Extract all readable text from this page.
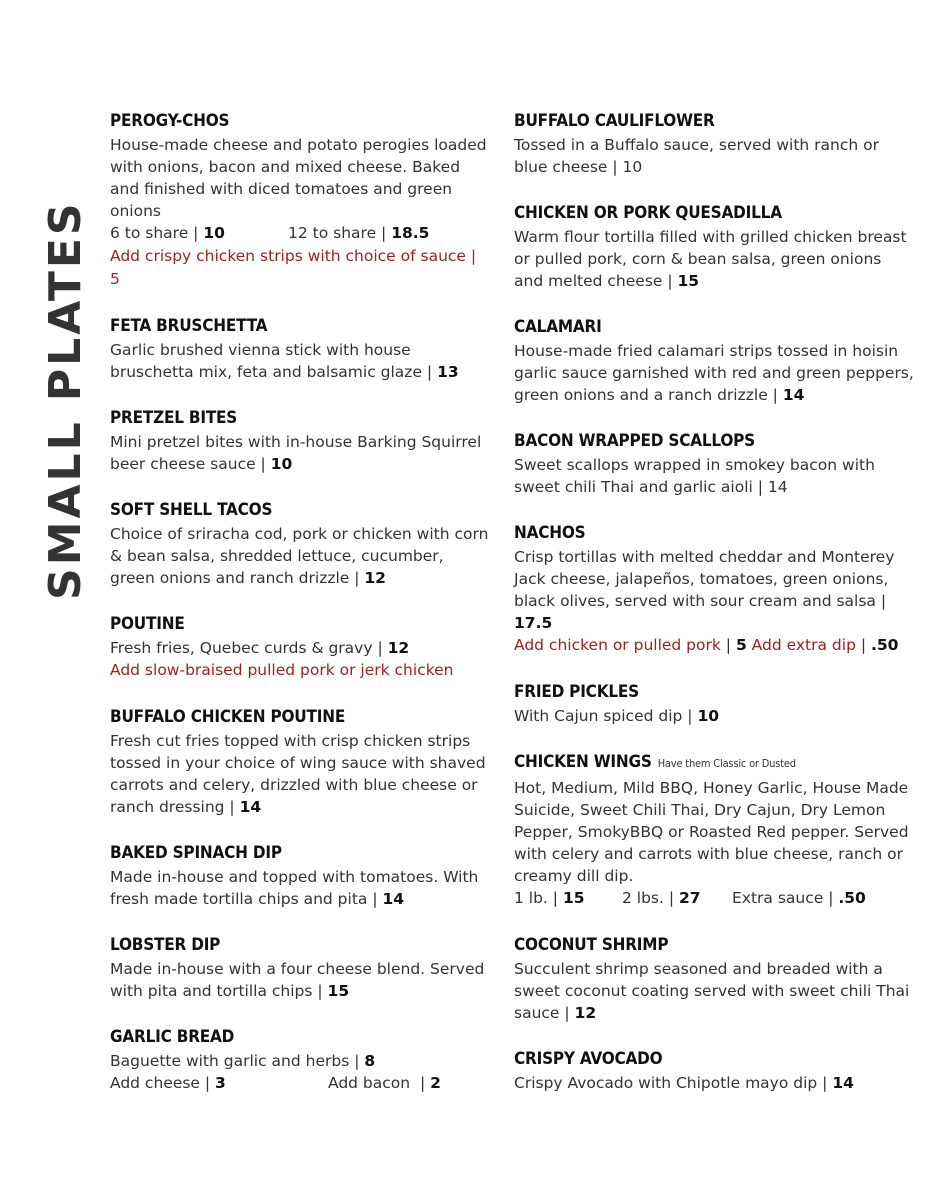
SMALL PLATES
PEROGY-CHOS
House-made cheese and potato perogies loaded with onions, bacon and mixed cheese. Baked and finished with diced tomatoes and green onions
6 to share | 10	12 to share | 18.5
Add crispy chicken strips with choice of sauce | 5
FETA BRUSCHETTA
Garlic brushed vienna stick with house bruschetta mix, feta and balsamic glaze | 13
PRETZEL BITES
Mini pretzel bites with in-house Barking Squirrel beer cheese sauce | 10
SOFT SHELL TACOS
Choice of sriracha cod, pork or chicken with corn & bean salsa, shredded lettuce, cucumber, green onions and ranch drizzle | 12
POUTINE
Fresh fries, Quebec curds & gravy | 12
Add slow-braised pulled pork or jerk chicken
BUFFALO CHICKEN POUTINE
Fresh cut fries topped with crisp chicken strips tossed in your choice of wing sauce with shaved carrots and celery, drizzled with blue cheese or ranch dressing | 14
BAKED SPINACH DIP
Made in-house and topped with tomatoes. With fresh made tortilla chips and pita | 14
LOBSTER DIP
Made in-house with a four cheese blend. Served with pita and tortilla chips | 15
GARLIC BREAD
Baguette with garlic and herbs | 8
Add cheese | 3	Add bacon  | 2
BUFFALO CAULIFLOWER
Tossed in a Buffalo sauce, served with ranch or blue cheese | 10
CHICKEN OR PORK QUESADILLA
Warm flour tortilla filled with grilled chicken breast or pulled pork, corn & bean salsa, green onions and melted cheese | 15
CALAMARI
House-made fried calamari strips tossed in hoisin garlic sauce garnished with red and green peppers, green onions and a ranch drizzle | 14
BACON WRAPPED SCALLOPS
Sweet scallops wrapped in smokey bacon with sweet chili Thai and garlic aioli | 14
NACHOS
Crisp tortillas with melted cheddar and Monterey Jack cheese, jalapeños, tomatoes, green onions, black olives, served with sour cream and salsa | 17.5
Add chicken or pulled pork | 5 Add extra dip | .50
FRIED PICKLES
With Cajun spiced dip | 10
CHICKEN WINGS Have them Classic or Dusted
Hot, Medium, Mild BBQ, Honey Garlic, House Made Suicide, Sweet Chili Thai, Dry Cajun, Dry Lemon Pepper, SmokyBBQ or Roasted Red pepper. Served with celery and carrots with blue cheese, ranch or creamy dill dip.
1 lb. | 15	2 lbs. | 27	Extra sauce | .50
COCONUT SHRIMP
Succulent shrimp seasoned and breaded with a sweet coconut coating served with sweet chili Thai sauce | 12
CRISPY AVOCADO
Crispy Avocado with Chipotle mayo dip | 14
